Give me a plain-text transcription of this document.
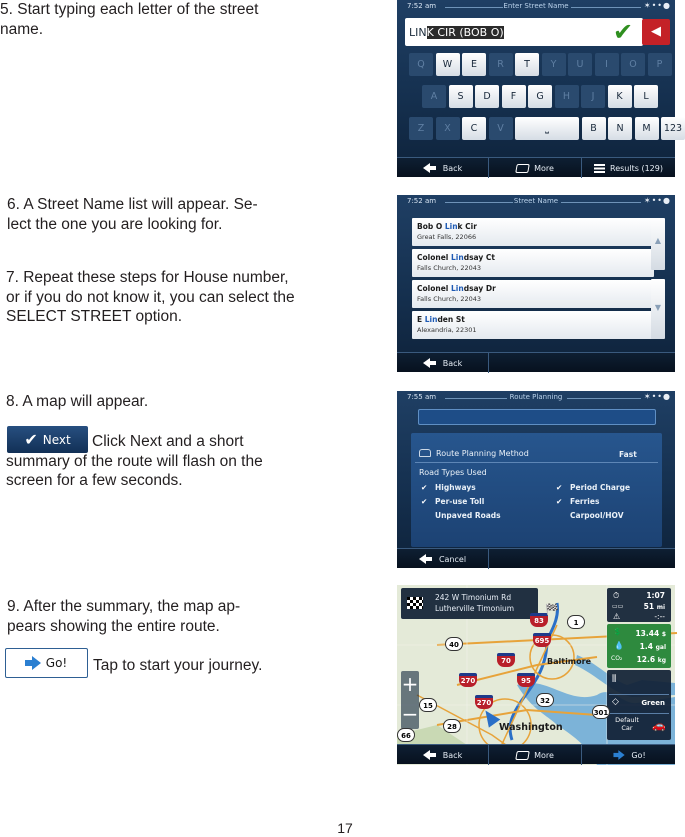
5. Start typing each letter of the street
name.
6. A Street Name list will appear. Se-
lect the one you are looking for.
7. Repeat these steps for House number,
or if you do not know it, you can select the
SELECT STREET option.
8. A map will appear.
✔ Next	Click Next and a short
summary of the route will flash on the
screen for a few seconds.
9. After the summary, the map ap-
pears showing the entire route.
Go! Tap to start your journey.
7:52 am	Enter Street Name	✶••●
LINK CIR (BOB O)	✔	◀
Q	W	E	R	T	Y	U	I	O	P
A	S	D	F	G	H	J	K	L
Z	X	C	V	⎵	B	N	M	123
Back	More	Results (129)
7:52 am	Street Name	✶••●
Bob O Link Cir
Great Falls, 22066
Colonel Lindsay Ct
Falls Church, 22043
Colonel Lindsay Dr
Falls Church, 22043
E Linden St
Alexandria, 22301
▲
▼
Back
7:55 am	Route Planning	✶••●
Route Planning Method	Fast
Road Types Used
✔ Highways	✔ Period Charge
✔ Per-use Toll	✔ Ferries
Unpaved Roads	Carpool/HOV
Cancel
242 W Timonium Rd
Lutherville Timonium
⏱	1:07
▭▭	51 mi
⚠	-:--
💲 13.44 $
💧 1.4 gal
CO₂ 12.6 kg
⫴
◇	Green
Default
Car	🚗
+
−
83
695
70
270	95
270
40
1
32
301
15
28
66
Baltimore
Washington
🏁
Back	More	Go!
17
